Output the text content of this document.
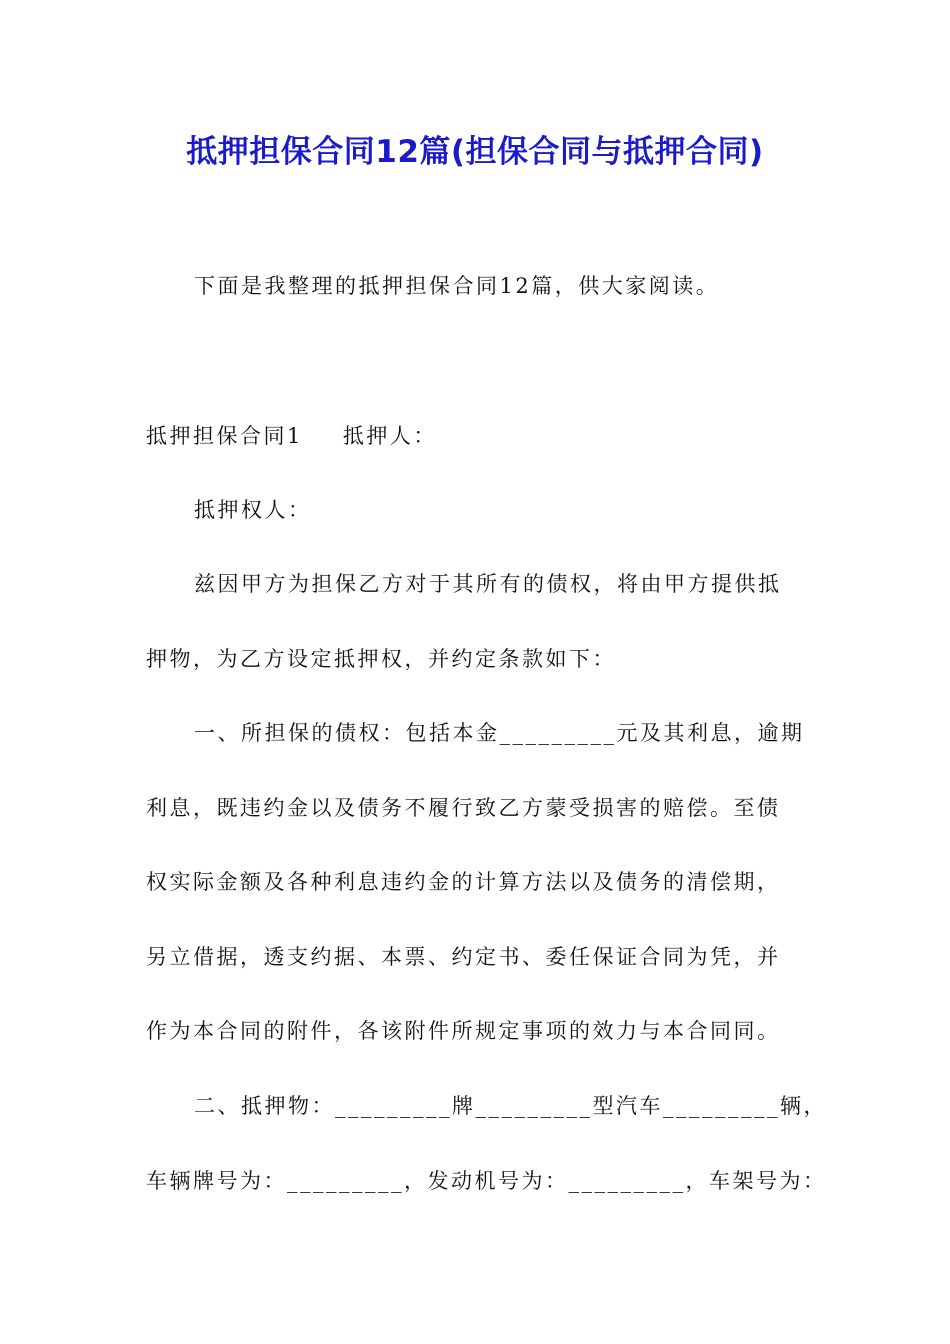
抵押担保合同12篇(担保合同与抵押合同)
下面是我整理的抵押担保合同12篇，供大家阅读。
抵押担保合同1 抵押人：
抵押权人：
兹因甲方为担保乙方对于其所有的债权，将由甲方提供抵
押物，为乙方设定抵押权，并约定条款如下：
一、所担保的债权：包括本金_________元及其利息，逾期
利息，既违约金以及债务不履行致乙方蒙受损害的赔偿。至债
权实际金额及各种利息违约金的计算方法以及债务的清偿期，
另立借据，透支约据、本票、约定书、委任保证合同为凭，并
作为本合同的附件，各该附件所规定事项的效力与本合同同。
二、抵押物：_________牌_________型汽车_________辆，
车辆牌号为：_________，发动机号为：_________，车架号为：
